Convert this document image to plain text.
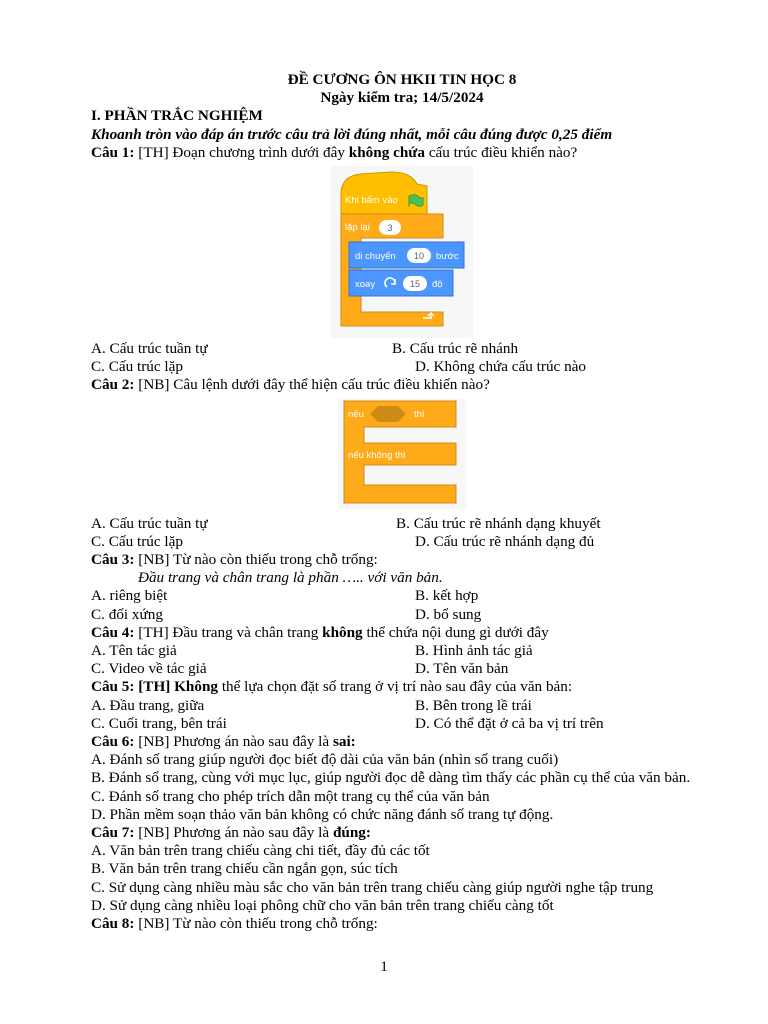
ĐỀ CƯƠNG ÔN HKII TIN HỌC 8
Ngày kiểm tra; 14/5/2024
I. PHẦN TRẮC NGHIỆM
Khoanh tròn vào đáp án trước câu trả lời đúng nhất, mỗi câu đúng được 0,25 điểm
Câu 1: [TH] Đoạn chương trình dưới đây không chứa cấu trúc điều khiển nào?
Khi bấm vào
lặp lại 3
di chuyển 10 bước
xoay	15 độ
A. Cấu trúc tuần tự	B. Cấu trúc rẽ nhánh
C. Cấu trúc lặp	D. Không chứa cấu trúc nào
Câu 2: [NB] Câu lệnh dưới đây thể hiện cấu trúc điều khiển nào?
nếu	thì
nếu không thì
A. Cấu trúc tuần tự	B. Cấu trúc rẽ nhánh dạng khuyết
C. Cấu trúc lặp	D. Cấu trúc rẽ nhánh dạng đủ
Câu 3: [NB] Từ nào còn thiếu trong chỗ trống:
Đầu trang và chân trang là phần ….. với văn bản.
A. riêng biệt	B. kết hợp
C. đối xứng	D. bổ sung
Câu 4: [TH] Đầu trang và chân trang không thể chứa nội dung gì dưới đây
A. Tên tác giả	B. Hình ảnh tác giả
C. Video về tác giả	D. Tên văn bản
Câu 5: [TH] Không thể lựa chọn đặt số trang ở vị trí nào sau đây của văn bản:
A. Đầu trang, giữa	B. Bên trong lề trái
C. Cuối trang, bên trái	D. Có thể đặt ở cả ba vị trí trên
Câu 6: [NB] Phương án nào sau đây là sai:
A. Đánh số trang giúp người đọc biết độ dài của văn bản (nhìn số trang cuối)
B. Đánh số trang, cùng với mục lục, giúp người đọc dễ dàng tìm thấy các phần cụ thể của văn bản.
C. Đánh số trang cho phép trích dẫn một trang cụ thể của văn bản
D. Phần mềm soạn thảo văn bản không có chức năng đánh số trang tự động.
Câu 7: [NB] Phương án nào sau đây là đúng:
A. Văn bản trên trang chiếu càng chi tiết, đầy đủ các tốt
B. Văn bản trên trang chiếu cần ngắn gọn, súc tích
C. Sử dụng càng nhiều màu sắc cho văn bản trên trang chiếu càng giúp người nghe tập trung
D. Sử dụng càng nhiều loại phông chữ cho văn bản trên trang chiếu càng tốt
Câu 8: [NB] Từ nào còn thiếu trong chỗ trống:
1
